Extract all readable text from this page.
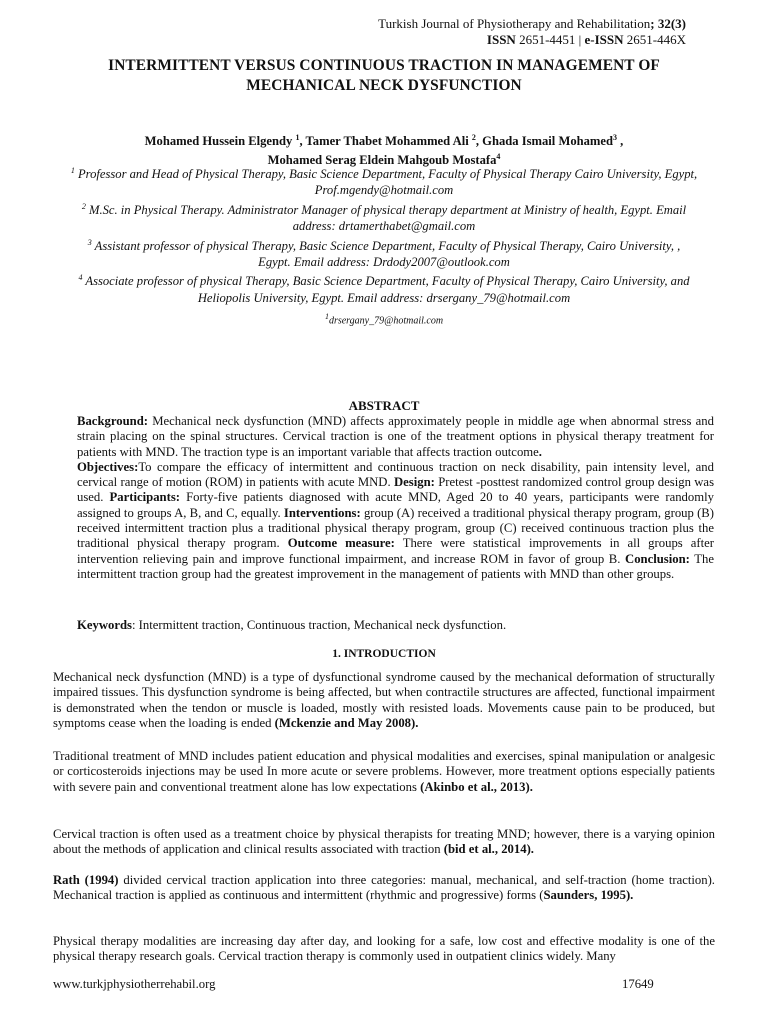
Turkish Journal of Physiotherapy and Rehabilitation; 32(3)
ISSN 2651-4451 | e-ISSN 2651-446X
INTERMITTENT VERSUS CONTINUOUS TRACTION IN MANAGEMENT OF
MECHANICAL NECK DYSFUNCTION
Mohamed Hussein Elgendy $^1$, Tamer Thabet Mohammed Ali $^2$, Ghada Ismail Mohamed$^3$ ,
Mohamed Serag Eldein Mahgoub Mostafa$^4$

$^1$ Professor and Head of Physical Therapy, Basic Science Department, Faculty of Physical Therapy Cairo University, Egypt, Prof.mgendy@hotmail.com

$^2$ M.Sc. in Physical Therapy. Administrator Manager of physical therapy department at Ministry of health, Egypt. Email address: drtamerthabet@gmail.com

$^3$ Assistant professor of physical Therapy, Basic Science Department, Faculty of Physical Therapy, Cairo University, , Egypt. Email address: Drdody2007@outlook.com

$^4$ Associate professor of physical Therapy, Basic Science Department, Faculty of Physical Therapy, Cairo University, and Heliopolis University, Egypt. Email address: drsergany_79@hotmail.com

$^1$drsergany_79@hotmail.com

ABSTRACT
Background: Mechanical neck dysfunction (MND) affects approximately people in middle age when abnormal stress and strain placing on the spinal structures. Cervical traction is one of the treatment options in physical therapy treatment for patients with MND. The traction type is an important variable that affects traction outcome.
Objectives:To compare the efficacy of intermittent and continuous traction on neck disability, pain intensity level, and cervical range of motion (ROM) in patients with acute MND. Design: Pretest -posttest randomized control group design was used. Participants: Forty-five patients diagnosed with acute MND, Aged 20 to 40 years, participants were randomly assigned to groups A, B, and C, equally. Interventions: group (A) received a traditional physical therapy program, group (B) received intermittent traction plus a traditional physical therapy program, group (C) received continuous traction plus the traditional physical therapy program. Outcome measure: There were statistical improvements in all groups after intervention relieving pain and improve functional impairment, and increase ROM in favor of group B. Conclusion: The intermittent traction group had the greatest improvement in the management of patients with MND than other groups.
Keywords: Intermittent traction, Continuous traction, Mechanical neck dysfunction.
1. INTRODUCTION
Mechanical neck dysfunction (MND) is a type of dysfunctional syndrome caused by the mechanical deformation of structurally impaired tissues. This dysfunction syndrome is being affected, but when contractile structures are affected, functional impairment is demonstrated when the tendon or muscle is loaded, mostly with resisted loads. Movements cause pain to be produced, but symptoms cease when the loading is ended (Mckenzie and May 2008).
Traditional treatment of MND includes patient education and physical modalities and exercises, spinal manipulation or analgesic or corticosteroids injections may be used In more acute or severe problems. However, more treatment options especially patients with severe pain and conventional treatment alone has low expectations (Akinbo et al., 2013).
Cervical traction is often used as a treatment choice by physical therapists for treating MND; however, there is a varying opinion about the methods of application and clinical results associated with traction (bid et al., 2014).
Rath (1994) divided cervical traction application into three categories: manual, mechanical, and self-traction (home traction). Mechanical traction is applied as continuous and intermittent (rhythmic and progressive) forms (Saunders, 1995).
Physical therapy modalities are increasing day after day, and looking for a safe, low cost and effective modality is one of the physical therapy research goals. Cervical traction therapy is commonly used in outpatient clinics widely. Many
www.turkjphysiotherrehabil.org	17649
